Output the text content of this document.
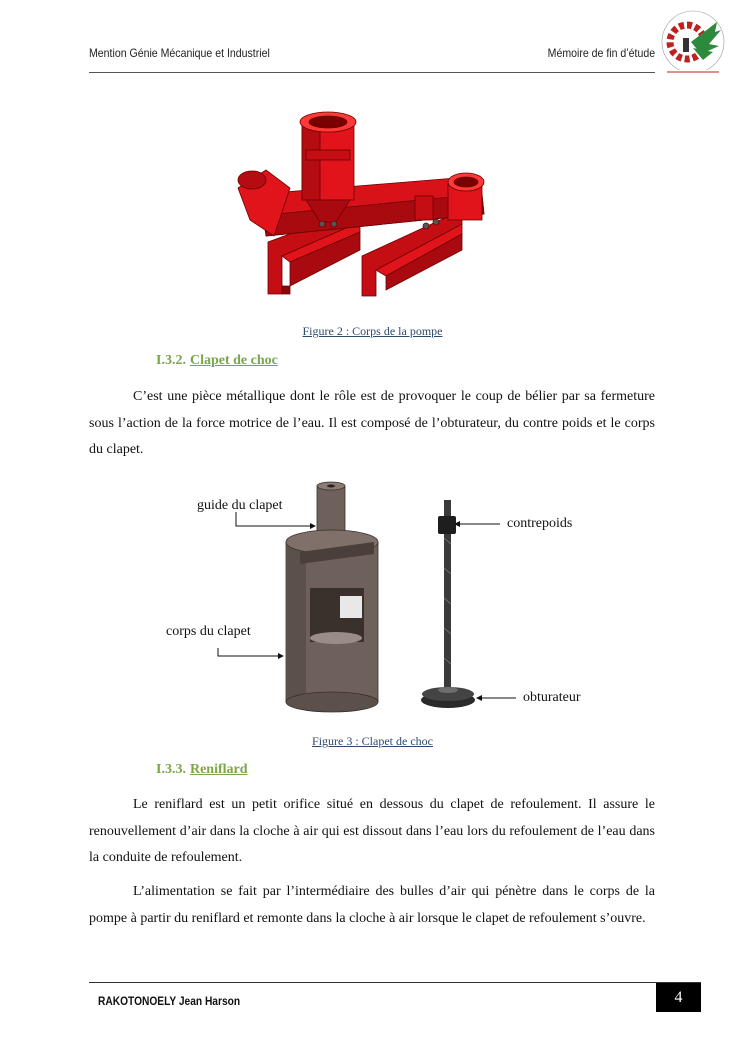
Mention Génie Mécanique et Industriel	Mémoire de fin d’étude
Figure 2 : Corps de la pompe
I.3.2. Clapet de choc
C’est une pièce métallique dont le rôle est de provoquer le coup de bélier par sa fermeture sous l’action de la force motrice de l’eau. Il est composé de l’obturateur, du contre poids et le corps du clapet.
guide du clapet
corps du clapet
contrepoids
obturateur
Figure 3 : Clapet de choc
I.3.3. Reniflard
Le reniflard est un petit orifice situé en dessous du clapet de refoulement. Il assure le renouvellement d’air dans la cloche à air qui est dissout dans l’eau lors du refoulement de l’eau dans la conduite de refoulement.
L’alimentation se fait par l’intermédiaire des bulles d’air qui pénètre dans le corps de la pompe à partir du reniflard et remonte dans la cloche à air lorsque le clapet de refoulement s’ouvre.
RAKOTONOELY Jean Harson	4
